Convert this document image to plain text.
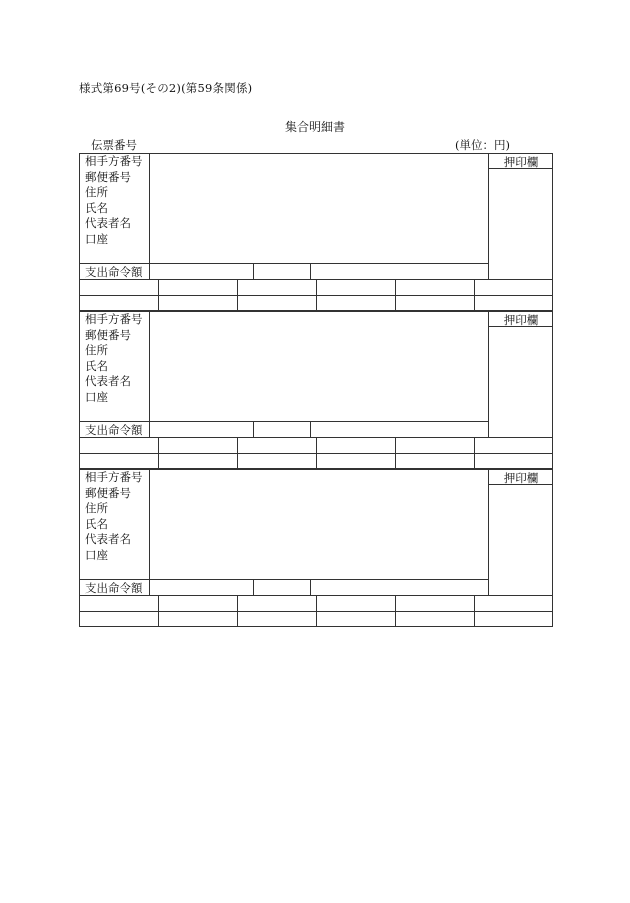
様式第69号(その2)(第59条関係)
集合明細書
伝票番号	(単位：円)
相手方番号
郵便番号
住所
氏名
代表者名
口座
押印欄
支出命令額
相手方番号
郵便番号
住所
氏名
代表者名
口座
押印欄
支出命令額
相手方番号
郵便番号
住所
氏名
代表者名
口座
押印欄
支出命令額
